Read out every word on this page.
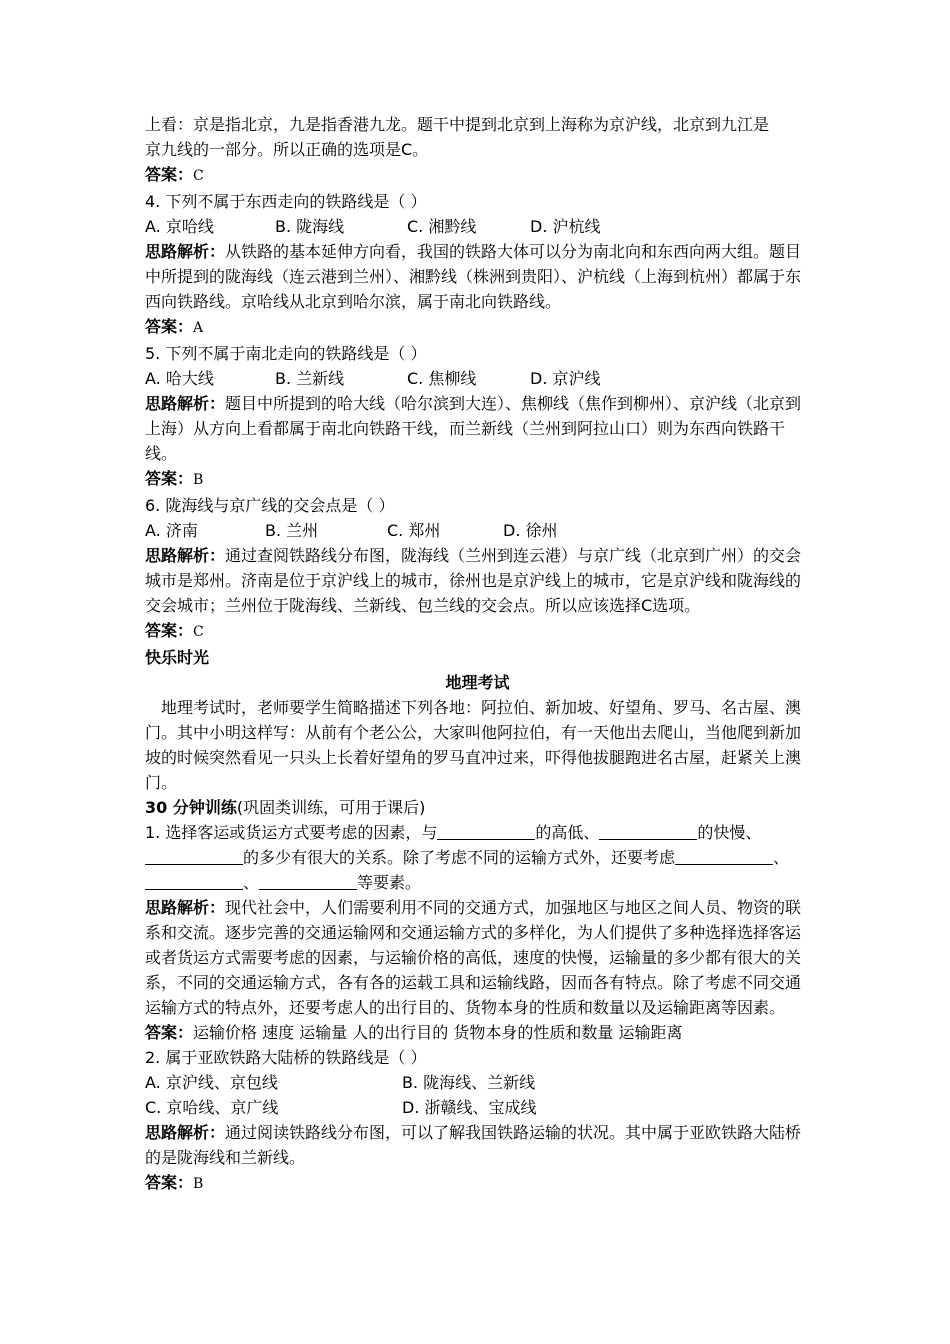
上看：京是指北京，九是指香港九龙。题干中提到北京到上海称为京沪线，北京到九江是
京九线的一部分。所以正确的选项是C。
答案：C
4. 下列不属于东西走向的铁路线是（ ）
A. 京哈线	B. 陇海线	C. 湘黔线	D. 沪杭线
思路解析：从铁路的基本延伸方向看，我国的铁路大体可以分为南北向和东西向两大组。题目中所提到的陇海线（连云港到兰州）、湘黔线（株洲到贵阳）、沪杭线（上海到杭州）都属于东西向铁路线。京哈线从北京到哈尔滨，属于南北向铁路线。
答案：A
5. 下列不属于南北走向的铁路线是（ ）
A. 哈大线	B. 兰新线	C. 焦柳线	D. 京沪线
思路解析：题目中所提到的哈大线（哈尔滨到大连）、焦柳线（焦作到柳州）、京沪线（北京到上海）从方向上看都属于南北向铁路干线，而兰新线（兰州到阿拉山口）则为东西向铁路干线。
答案：B
6. 陇海线与京广线的交会点是（ ）
A. 济南	B. 兰州	C. 郑州	D. 徐州
思路解析：通过查阅铁路线分布图，陇海线（兰州到连云港）与京广线（北京到广州）的交会城市是郑州。济南是位于京沪线上的城市，徐州也是京沪线上的城市，它是京沪线和陇海线的交会城市；兰州位于陇海线、兰新线、包兰线的交会点。所以应该选择C选项。
答案：C
快乐时光
地理考试
地理考试时，老师要学生简略描述下列各地：阿拉伯、新加坡、好望角、罗马、名古屋、澳门。其中小明这样写：从前有个老公公，大家叫他阿拉伯，有一天他出去爬山，当他爬到新加坡的时候突然看见一只头上长着好望角的罗马直冲过来，吓得他拔腿跑进名古屋，赶紧关上澳门。
30 分钟训练(巩固类训练，可用于课后)
1. 选择客运或货运方式要考虑的因素，与	的高低、	的快慢、
的多少有很大的关系。除了考虑不同的运输方式外，还要考虑	、
、	等要素。
思路解析：现代社会中，人们需要利用不同的交通方式，加强地区与地区之间人员、物资的联系和交流。逐步完善的交通运输网和交通运输方式的多样化，为人们提供了多种选择选择客运或者货运方式需要考虑的因素，与运输价格的高低，速度的快慢，运输量的多少都有很大的关系，不同的交通运输方式，各有各的运载工具和运输线路，因而各有特点。除了考虑不同交通运输方式的特点外，还要考虑人的出行目的、货物本身的性质和数量以及运输距离等因素。
答案：运输价格 速度 运输量 人的出行目的 货物本身的性质和数量 运输距离
2. 属于亚欧铁路大陆桥的铁路线是（ ）
A. 京沪线、京包线	B. 陇海线、兰新线
C. 京哈线、京广线	D. 浙赣线、宝成线
思路解析：通过阅读铁路线分布图，可以了解我国铁路运输的状况。其中属于亚欧铁路大陆桥的是陇海线和兰新线。
答案：B
